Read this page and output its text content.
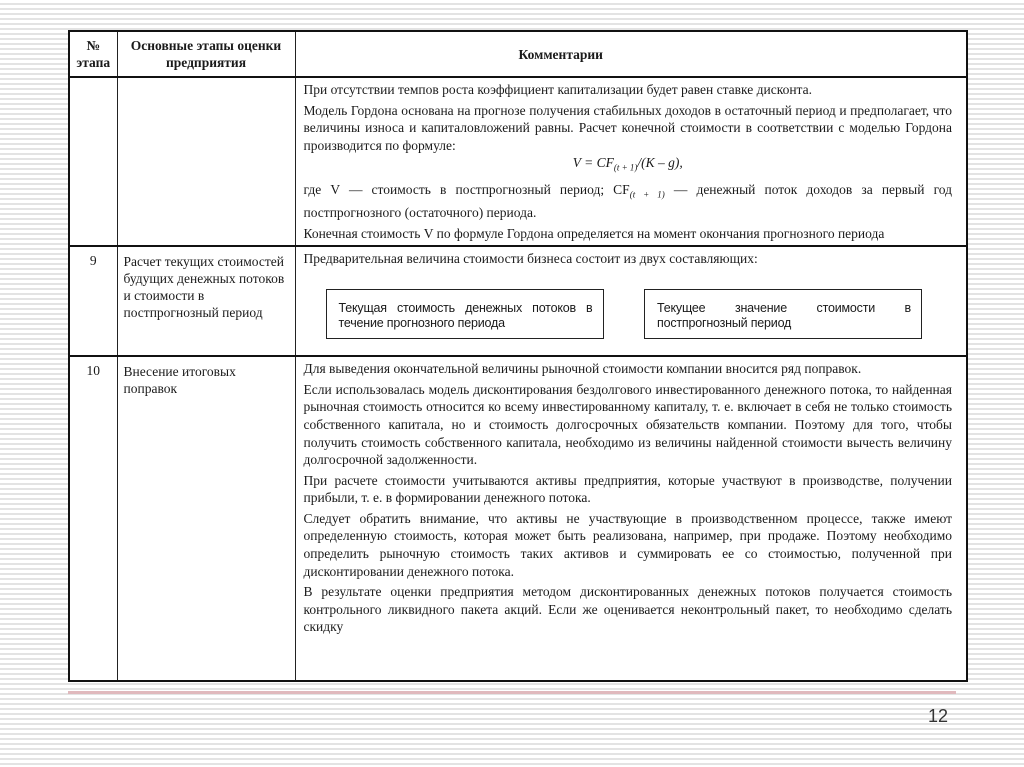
№ этапа	Основные этапы оценки предприятия	Комментарии

		При отсутствии темпов роста коэффициент капитализации будет равен ставке дисконта.

Модель Гордона основана на прогнозе получения стабильных доходов в остаточный период и предполагает, что величины износа и капиталовложений равны. Расчет конечной стоимости в соответствии с моделью Гордона производится по формуле:

$V = CF_{(t + 1)}/(K - g)$,

где V — стоимость в постпрогнозный период; $CF_{(t + 1)}$ — денежный поток доходов за первый год постпрогнозного (остаточного) периода.

Конечная стоимость V по формуле Гордона определяется на момент окончания прогнозного периода

9	Расчет текущих стоимостей будущих денежных потоков и стоимости в постпрогнозный период	Предварительная величина стоимости бизнеса состоит из двух составляющих:

Текущая стоимость денежных потоков в течение прогнозного периода
Текущее значение стоимости в постпрогнозный период

10	Внесение итоговых поправок	Для выведения окончательной величины рыночной стоимости компании вносится ряд поправок.

Если использовалась модель дисконтирования бездолгового инвестированного денежного потока, то найденная рыночная стоимость относится ко всему инвестированному капиталу, т. е. включает в себя не только стоимость собственного капитала, но и стоимость долгосрочных обязательств компании. Поэтому для того, чтобы получить стоимость собственного капитала, необходимо из величины найденной стоимости вычесть величину долгосрочной задолженности.

При расчете стоимости учитываются активы предприятия, которые участвуют в производстве, получении прибыли, т. е. в формировании денежного потока.

Следует обратить внимание, что активы не участвующие в производственном процессе, также имеют определенную стоимость, которая может быть реализована, например, при продаже. Поэтому необходимо определить рыночную стоимость таких активов и суммировать ее со стоимостью, полученной при дисконтировании денежного потока.

В результате оценки предприятия методом дисконтированных денежных потоков получается стоимость контрольного ликвидного пакета акций. Если же оценивается неконтрольный пакет, то необходимо сделать скидку

12
